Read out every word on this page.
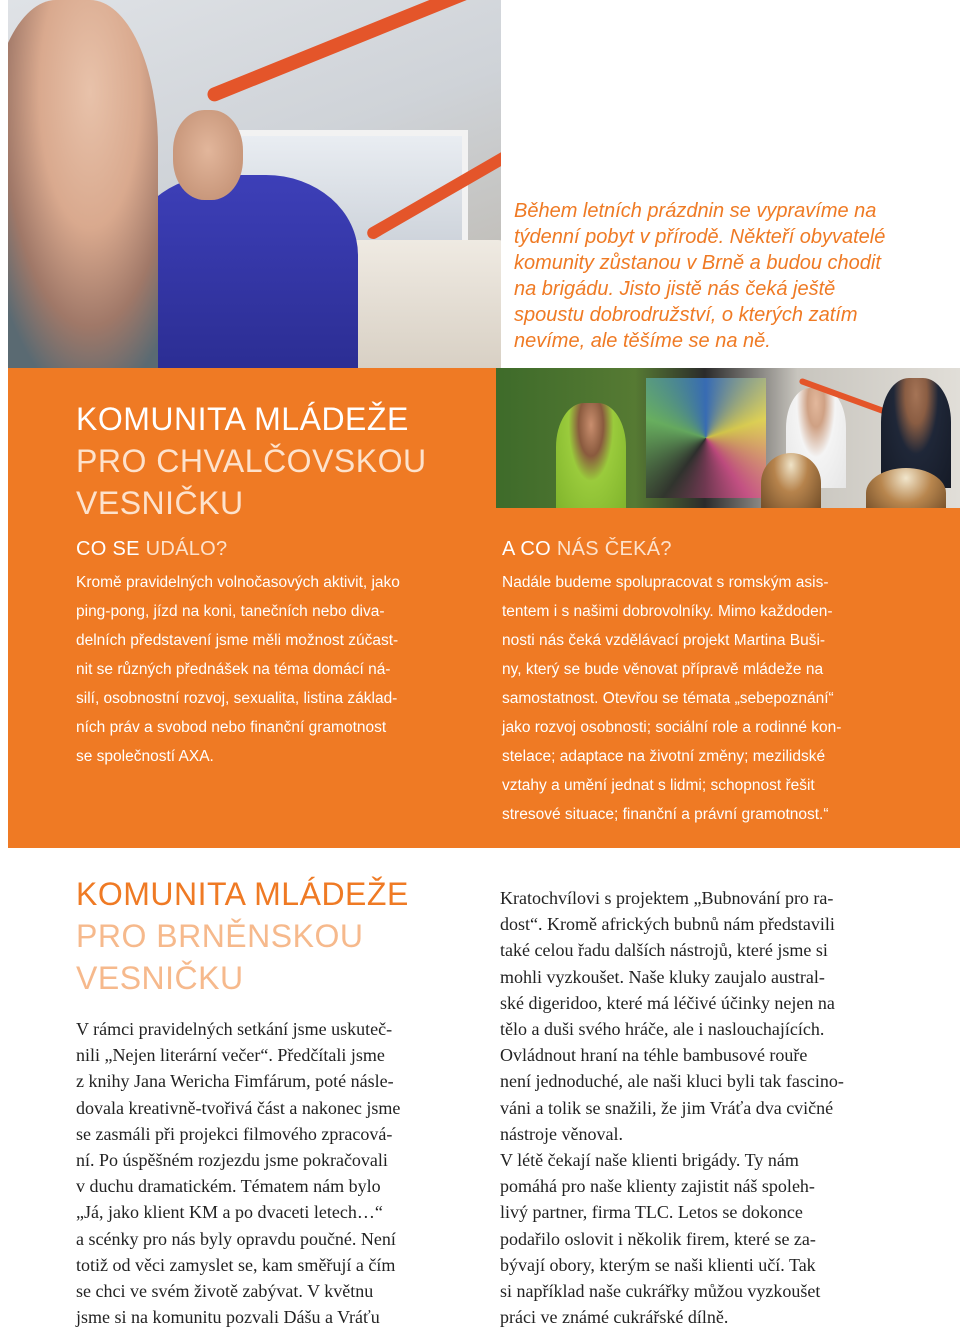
Během letních prázdnin se vypravíme na
týdenní pobyt v přírodě. Někteří obyvatelé
komunity zůstanou v Brně a budou chodit
na brigádu. Jisto jistě nás čeká ještě
spoustu dobrodružství, o kterých zatím
nevíme, ale těšíme se na ně.
KOMUNITA MLÁDEŽE
PRO CHVALČOVSKOU
VESNIČKU
CO SE UDÁLO?	A CO NÁS ČEKÁ?
Kromě pravidelných volnočasových aktivit, jako
ping-pong, jízd na koni, tanečních nebo diva-
delních představení jsme měli možnost zúčast-
nit se různých přednášek na téma domácí ná-
silí, osobnostní rozvoj, sexualita, listina základ-
ních práv a svobod nebo finanční gramotnost
se společností AXA.
Nadále budeme spolupracovat s romským asis-
tentem i s našimi dobrovolníky. Mimo každoden-
nosti nás čeká vzdělávací projekt Martina Buši-
ny, který se bude věnovat přípravě mládeže na
samostatnost. Otevřou se témata „sebepoznání“
jako rozvoj osobnosti; sociální role a rodinné kon-
stelace; adaptace na životní změny; mezilidské
vztahy a umění jednat s lidmi; schopnost řešit
stresové situace; finanční a právní gramotnost.“
KOMUNITA MLÁDEŽE
PRO BRNĚNSKOU
VESNIČKU
V rámci pravidelných setkání jsme uskuteč-
nili „Nejen literární večer“. Předčítali jsme
z knihy Jana Wericha Fimfárum, poté násle-
dovala kreativně-tvořivá část a nakonec jsme
se zasmáli při projekci filmového zpracová-
ní. Po úspěšném rozjezdu jsme pokračovali
v duchu dramatickém. Tématem nám bylo
„Já, jako klient KM a po dvaceti letech…“
a scénky pro nás byly opravdu poučné. Není
totiž od věci zamyslet se, kam směřují a čím
se chci ve svém životě zabývat. V květnu
jsme si na komunitu pozvali Dášu a Vráťu
Kratochvílovi s projektem „Bubnování pro ra-
dost“. Kromě afrických bubnů nám představili
také celou řadu dalších nástrojů, které jsme si
mohli vyzkoušet. Naše kluky zaujalo austral-
ské digeridoo, které má léčivé účinky nejen na
tělo a duši svého hráče, ale i naslouchajících.
Ovládnout hraní na téhle bambusové rouře
není jednoduché, ale naši kluci byli tak fascino-
váni a tolik se snažili, že jim Vráťa dva cvičné
nástroje věnoval.
V létě čekají naše klienti brigády. Ty nám
pomáhá pro naše klienty zajistit náš spoleh-
livý partner, firma TLC. Letos se dokonce
podařilo oslovit i několik firem, které se za-
bývají obory, kterým se naši klienti učí. Tak
si například naše cukrářky můžou vyzkoušet
práci ve známé cukrářské dílně.
